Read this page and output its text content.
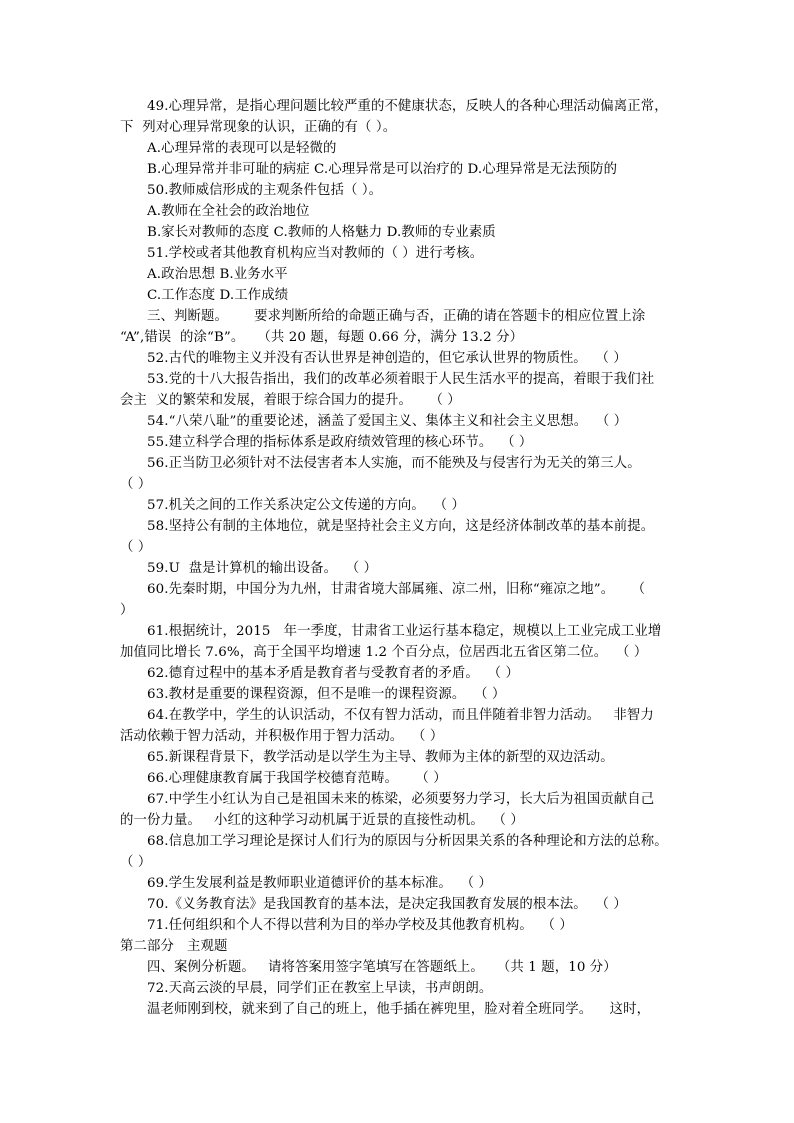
49.心理异常，是指心理问题比较严重的不健康状态，反映人的各种心理活动偏离正常，
下  列对心理异常现象的认识，正确的有（ ）。
A.心理异常的表现可以是轻微的
B.心理异常并非可耻的病症 C.心理异常是可以治疗的 D.心理异常是无法预防的
50.教师威信形成的主观条件包括（ ）。
A.教师在全社会的政治地位
B.家长对教师的态度 C.教师的人格魅力 D.教师的专业素质
51.学校或者其他教育机构应当对教师的（ ）进行考核。
A.政治思想 B.业务水平
C.工作态度 D.工作成绩
三、判断题。      要求判断所给的命题正确与否，正确的请在答题卡的相应位置上涂
“A”,错误  的涂“B”。   （共 20 题，每题 0.66 分，满分 13.2 分）
52.古代的唯物主义并没有否认世界是神创造的，但它承认世界的物质性。  （ ）
53.党的十八大报告指出，我们的改革必须着眼于人民生活水平的提高，着眼于我们社
会主  义的繁荣和发展，着眼于综合国力的提升。    （ ）
54.“八荣八耻”的重要论述，涵盖了爱国主义、集体主义和社会主义思想。  （ ）
55.建立科学合理的指标体系是政府绩效管理的核心环节。  （ ）
56.正当防卫必须针对不法侵害者本人实施，而不能殃及与侵害行为无关的第三人。
（ ）
57.机关之间的工作关系决定公文传递的方向。  （ ）
58.坚持公有制的主体地位，就是坚持社会主义方向，这是经济体制改革的基本前提。
（ ）
59.U  盘是计算机的输出设备。  （ ）
60.先秦时期，中国分为九州，甘肃省境大部属雍、凉二州，旧称“雍凉之地”。    （
）
61.根据统计，2015   年一季度，甘肃省工业运行基本稳定，规模以上工业完成工业增
加值同比增长 7.6%，高于全国平均增速 1.2 个百分点，位居西北五省区第二位。  （ ）
62.德育过程中的基本矛盾是教育者与受教育者的矛盾。  （ ）
63.教材是重要的课程资源，但不是唯一的课程资源。  （ ）
64.在教学中，学生的认识活动，不仅有智力活动，而且伴随着非智力活动。   非智力
活动依赖于智力活动，并积极作用于智力活动。  （ ）
65.新课程背景下，教学活动是以学生为主导、教师为主体的新型的双边活动。
66.心理健康教育属于我国学校德育范畴。    （ ）
67.中学生小红认为自己是祖国未来的栋梁，必须要努力学习，长大后为祖国贡献自己
的一份力量。   小红的这种学习动机属于近景的直接性动机。  （ ）
68.信息加工学习理论是探讨人们行为的原因与分析因果关系的各种理论和方法的总称。
（ ）
69.学生发展利益是教师职业道德评价的基本标准。  （ ）
70.《义务教育法》是我国教育的基本法，是决定我国教育发展的根本法。  （ ）
71.任何组织和个人不得以营利为目的举办学校及其他教育机构。  （ ）
第二部分   主观题
四、案例分析题。   请将答案用签字笔填写在答题纸上。   （共 1 题，10 分）
72.天高云淡的早晨，同学们正在教室上早读，书声朗朗。
温老师刚到校，就来到了自己的班上，他手插在裤兜里，脸对着全班同学。    这时，
